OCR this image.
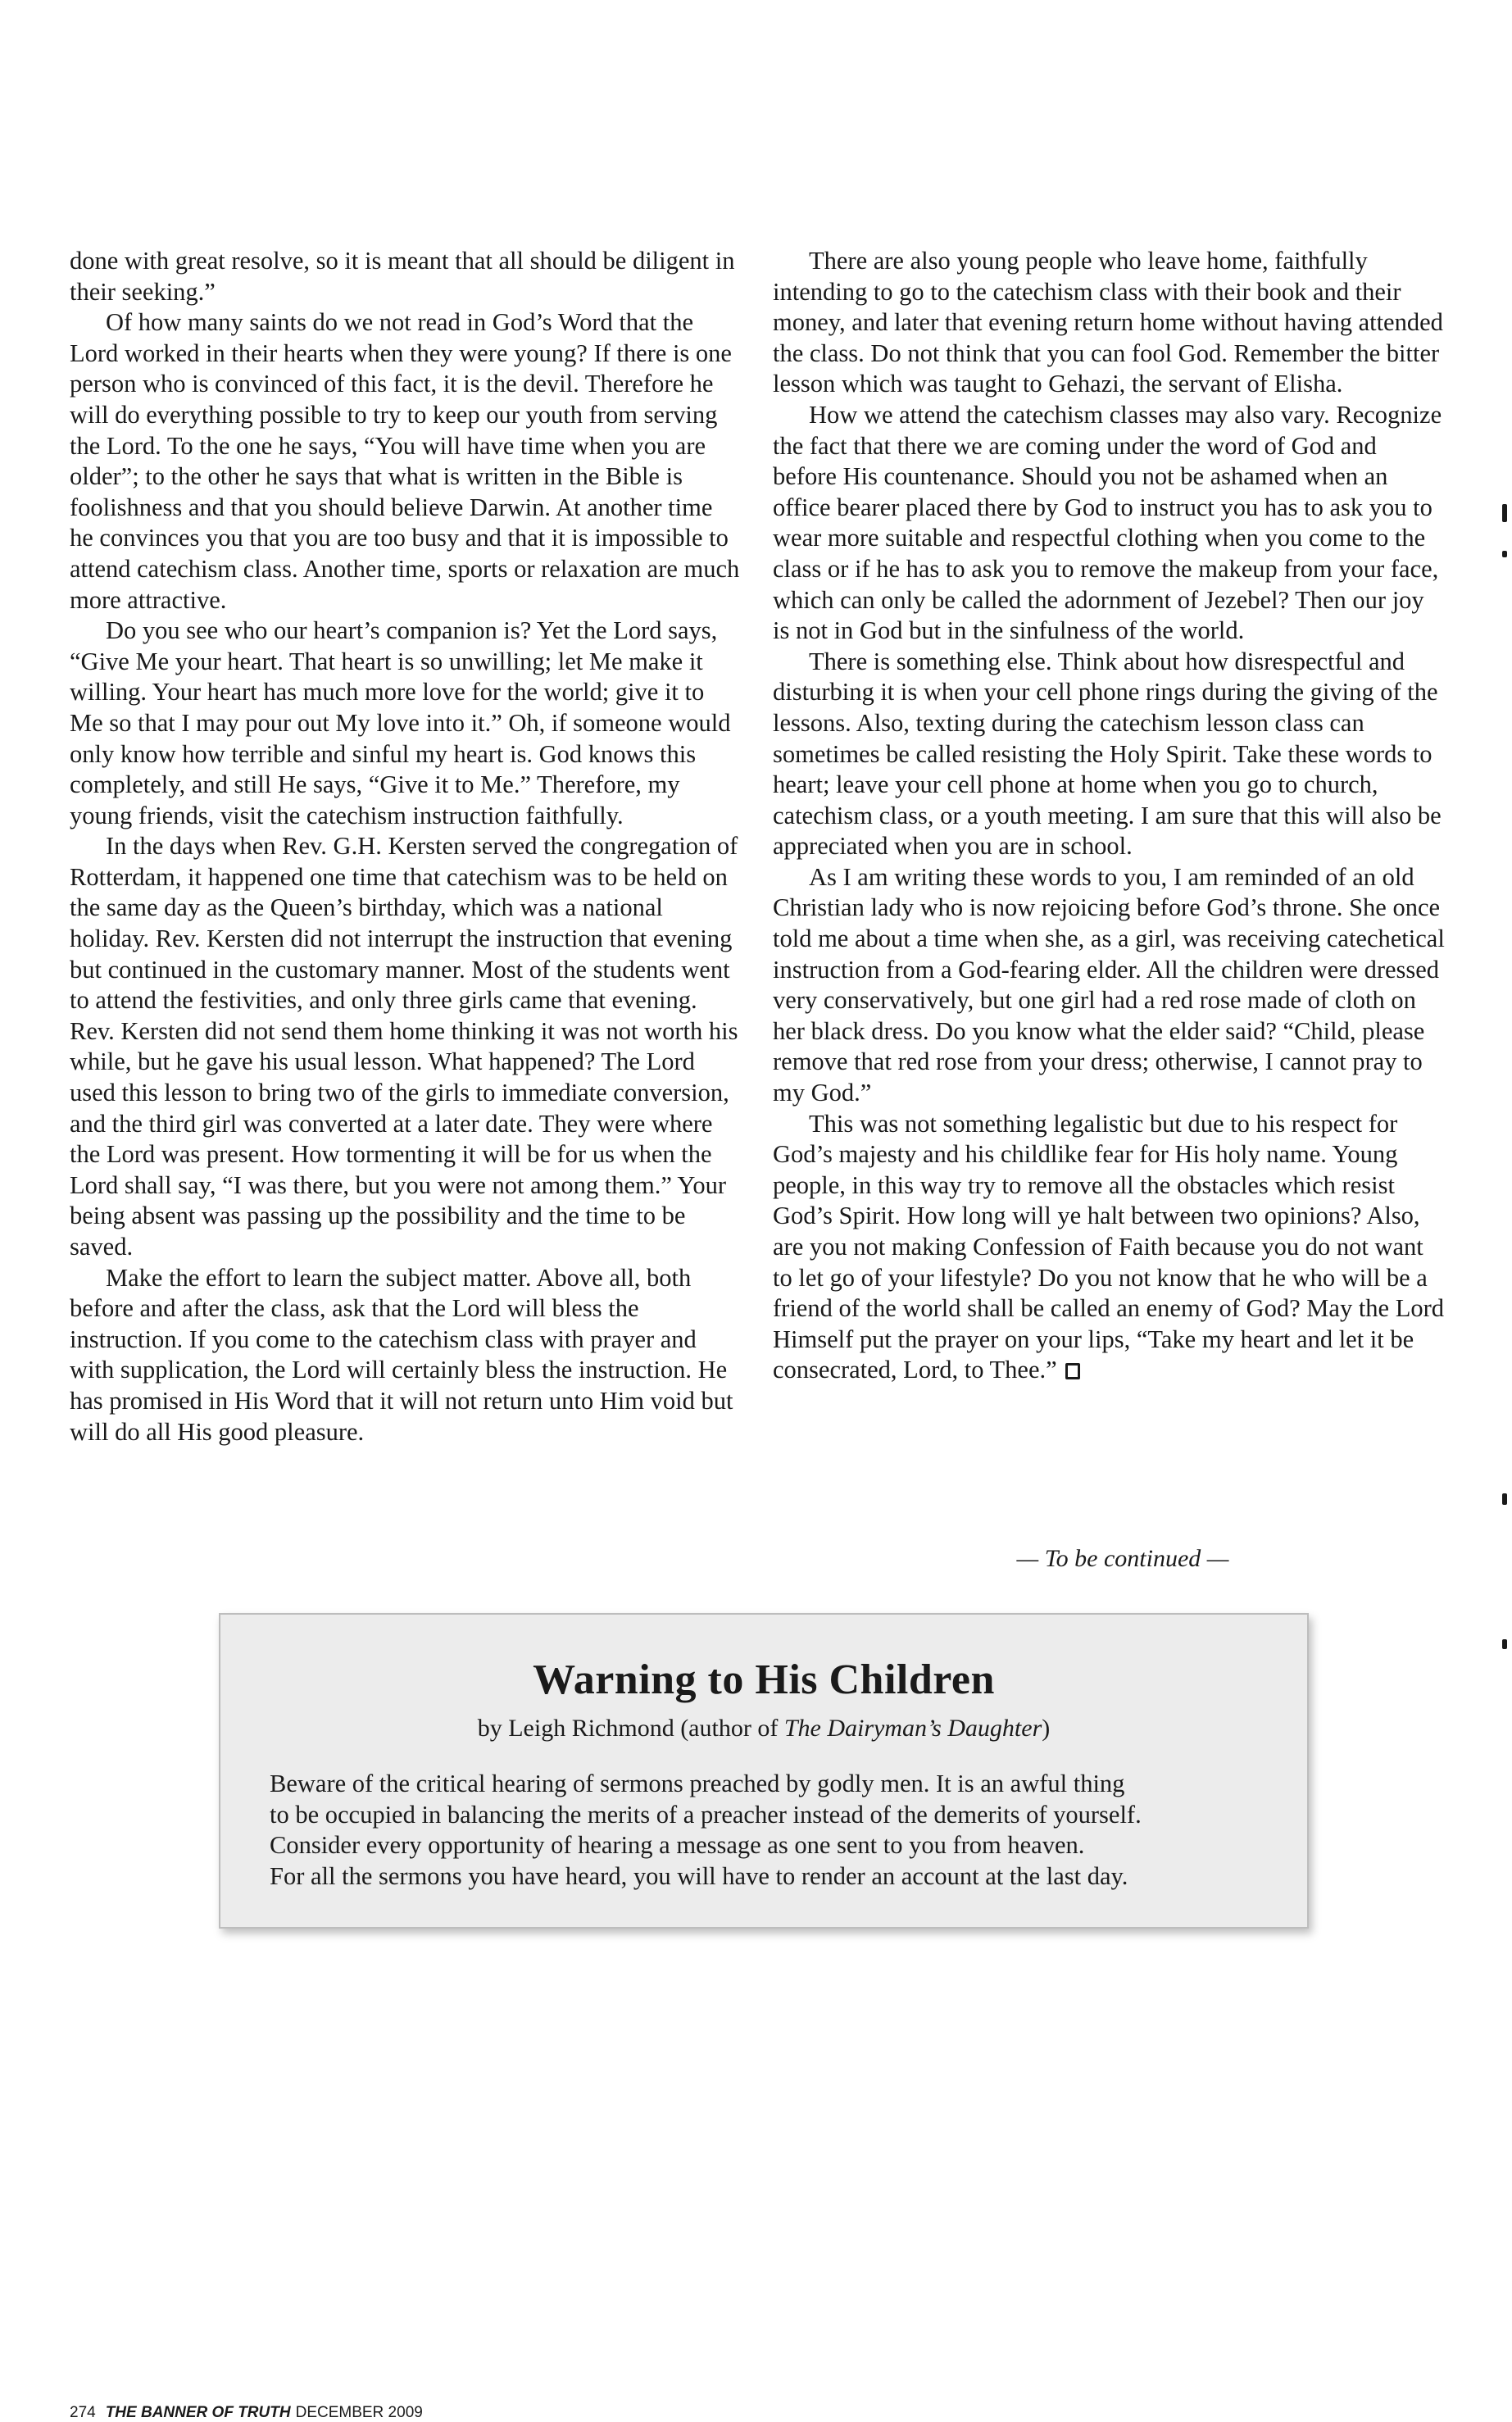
done with great resolve, so it is meant that all should be diligent in their seeking.”

Of how many saints do we not read in God’s Word that the Lord worked in their hearts when they were young? If there is one person who is convinced of this fact, it is the devil. Therefore he will do everything possible to try to keep our youth from serving the Lord. To the one he says, “You will have time when you are older”; to the other he says that what is written in the Bible is foolishness and that you should believe Darwin. At another time he convinces you that you are too busy and that it is impossible to attend catechism class. Another time, sports or relaxation are much more attractive.

Do you see who our heart’s companion is? Yet the Lord says, “Give Me your heart. That heart is so unwilling; let Me make it willing. Your heart has much more love for the world; give it to Me so that I may pour out My love into it.” Oh, if someone would only know how terrible and sinful my heart is. God knows this completely, and still He says, “Give it to Me.” Therefore, my young friends, visit the catechism instruction faithfully.

In the days when Rev. G.H. Kersten served the congregation of Rotterdam, it happened one time that catechism was to be held on the same day as the Queen’s birthday, which was a national holiday. Rev. Kersten did not interrupt the instruction that evening but continued in the customary manner. Most of the students went to attend the festivities, and only three girls came that evening. Rev. Kersten did not send them home thinking it was not worth his while, but he gave his usual lesson. What happened? The Lord used this lesson to bring two of the girls to immediate conversion, and the third girl was converted at a later date. They were where the Lord was present. How tormenting it will be for us when the Lord shall say, “I was there, but you were not among them.” Your being absent was passing up the possibility and the time to be saved.

Make the effort to learn the subject matter. Above all, both before and after the class, ask that the Lord will bless the instruction. If you come to the catechism class with prayer and with supplication, the Lord will certainly bless the instruction. He has promised in His Word that it will not return unto Him void but will do all His good pleasure.

There are also young people who leave home, faithfully intending to go to the catechism class with their book and their money, and later that evening return home without having attended the class. Do not think that you can fool God. Remember the bitter lesson which was taught to Gehazi, the servant of Elisha.

How we attend the catechism classes may also vary. Recognize the fact that there we are coming under the word of God and before His countenance. Should you not be ashamed when an office bearer placed there by God to instruct you has to ask you to wear more suitable and respectful clothing when you come to the class or if he has to ask you to remove the makeup from your face, which can only be called the adornment of Jezebel? Then our joy is not in God but in the sinfulness of the world.

There is something else. Think about how disrespectful and disturbing it is when your cell phone rings during the giving of the lessons. Also, texting during the catechism lesson class can sometimes be called resisting the Holy Spirit. Take these words to heart; leave your cell phone at home when you go to church, catechism class, or a youth meeting. I am sure that this will also be appreciated when you are in school.

As I am writing these words to you, I am reminded of an old Christian lady who is now rejoicing before God’s throne. She once told me about a time when she, as a girl, was receiving catechetical instruction from a God-fearing elder. All the children were dressed very conservatively, but one girl had a red rose made of cloth on her black dress. Do you know what the elder said? “Child, please remove that red rose from your dress; otherwise, I cannot pray to my God.”

This was not something legalistic but due to his respect for God’s majesty and his childlike fear for His holy name. Young people, in this way try to remove all the obstacles which resist God’s Spirit. How long will ye halt between two opinions? Also, are you not making Confession of Faith because you do not want to let go of your lifestyle? Do you not know that he who will be a friend of the world shall be called an enemy of God? May the Lord Himself put the prayer on your lips, “Take my heart and let it be consecrated, Lord, to Thee.”

— To be continued —
Warning to His Children
by Leigh Richmond (author of The Dairyman’s Daughter)
Beware of the critical hearing of sermons preached by godly men. It is an awful thing
to be occupied in balancing the merits of a preacher instead of the demerits of yourself.
Consider every opportunity of hearing a message as one sent to you from heaven.
For all the sermons you have heard, you will have to render an account at the last day.
274 THE BANNER OF TRUTH DECEMBER 2009
